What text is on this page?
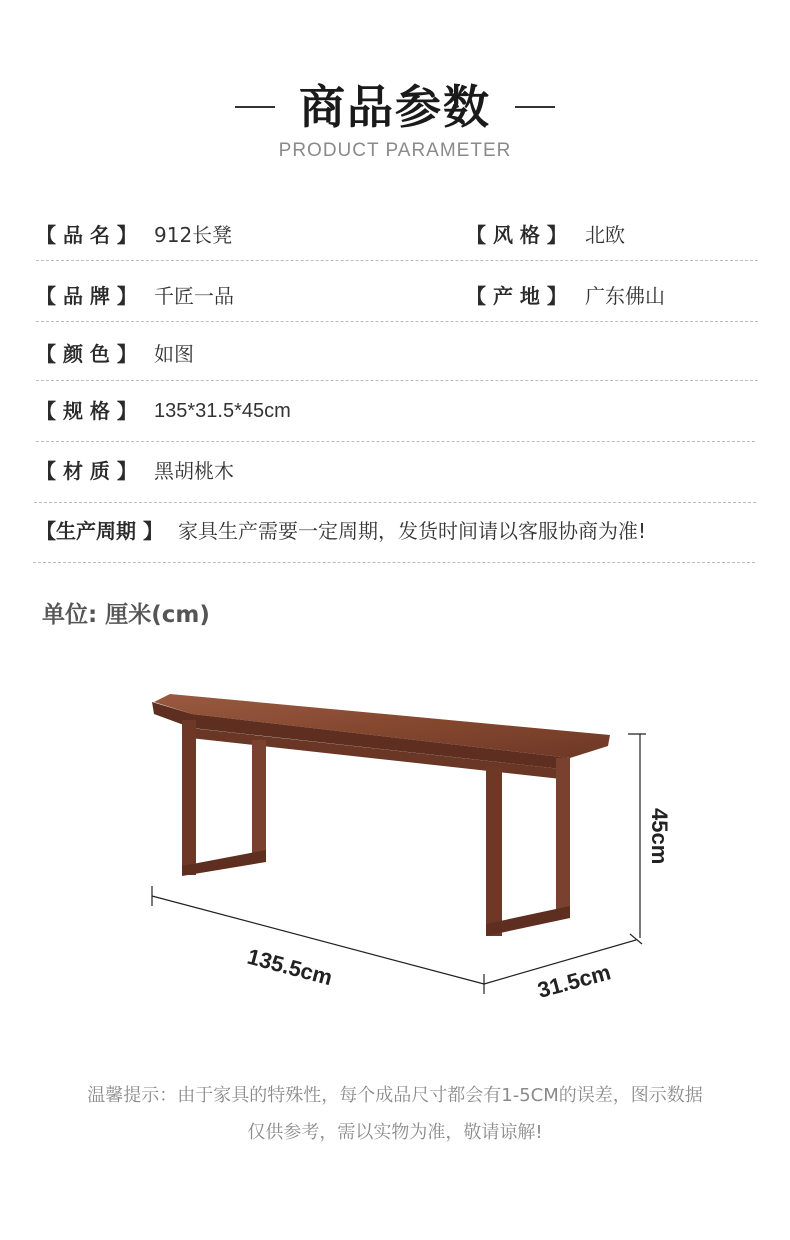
商品参数
PRODUCT PARAMETER
【 品 名 】 912长凳	【 风 格 】 北欧
【 品 牌 】 千匠一品	【 产 地 】 广东佛山
【 颜 色 】 如图
【 规 格 】 135*31.5*45cm
【 材 质 】 黑胡桃木
【生产周期 】 家具生产需要一定周期，发货时间请以客服协商为准!
单位: 厘米(cm)
135.5cm	31.5cm
45cm
温馨提示：由于家具的特殊性，每个成品尺寸都会有1-5CM的误差，图示数据
仅供参考，需以实物为准，敬请谅解!
